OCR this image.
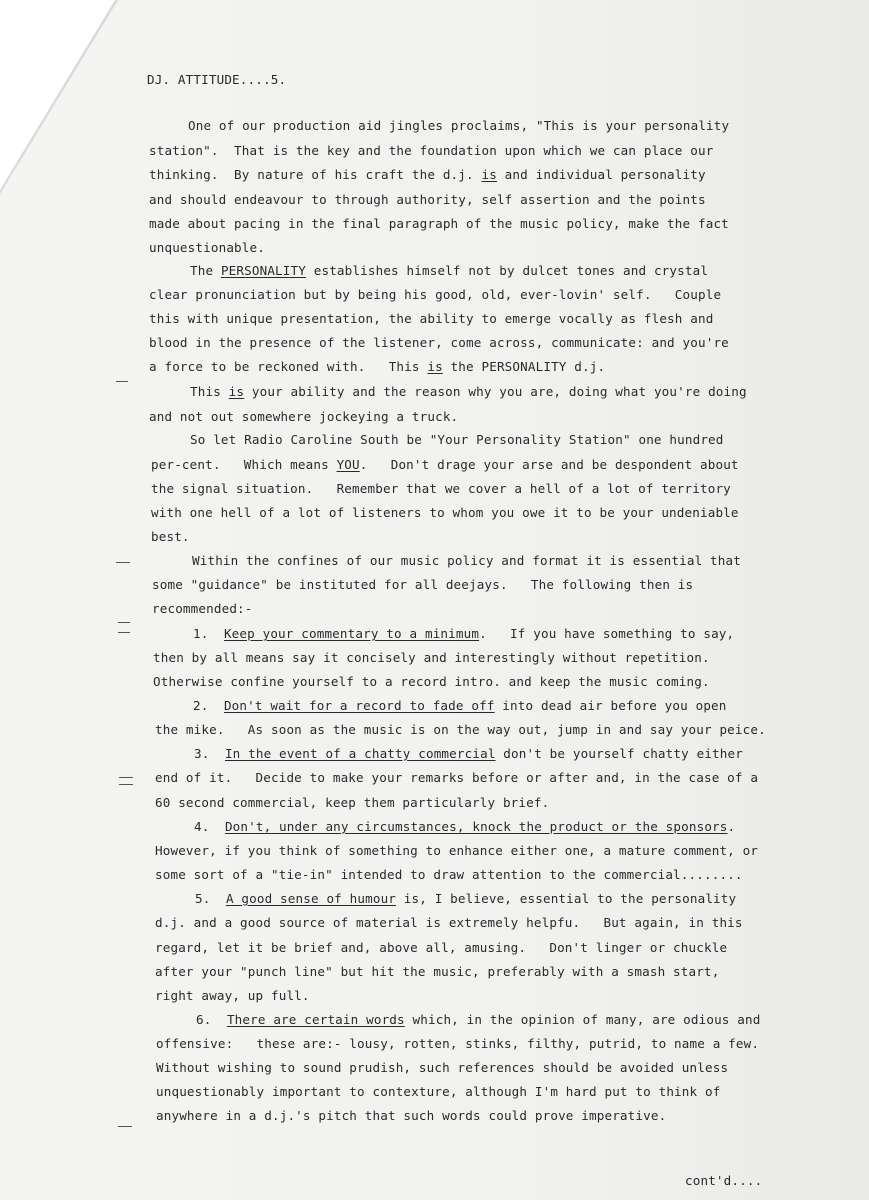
DJ. ATTITUDE....5.
One of our production aid jingles proclaims, "This is your personality
station".  That is the key and the foundation upon which we can place our
thinking.  By nature of his craft the d.j. is and individual personality
and should endeavour to through authority, self assertion and the points
made about pacing in the final paragraph of the music policy, make the fact
unquestionable.
The PERSONALITY establishes himself not by dulcet tones and crystal
clear pronunciation but by being his good, old, ever-lovin' self.   Couple
this with unique presentation, the ability to emerge vocally as flesh and
blood in the presence of the listener, come across, communicate: and you're
a force to be reckoned with.   This is the PERSONALITY d.j.
This is your ability and the reason why you are, doing what you're doing
and not out somewhere jockeying a truck.
So let Radio Caroline South be "Your Personality Station" one hundred
per-cent.   Which means YOU.   Don't drage your arse and be despondent about
the signal situation.   Remember that we cover a hell of a lot of territory
with one hell of a lot of listeners to whom you owe it to be your undeniable
best.
Within the confines of our music policy and format it is essential that
some "guidance" be instituted for all deejays.   The following then is
recommended:-
1. Keep your commentary to a minimum.   If you have something to say,
then by all means say it concisely and interestingly without repetition.
Otherwise confine yourself to a record intro. and keep the music coming.
2. Don't wait for a record to fade off into dead air before you open
the mike.   As soon as the music is on the way out, jump in and say your peice.
3. In the event of a chatty commercial don't be yourself chatty either
end of it.   Decide to make your remarks before or after and, in the case of a
60 second commercial, keep them particularly brief.
4. Don't, under any circumstances, knock the product or the sponsors.
However, if you think of something to enhance either one, a mature comment, or
some sort of a "tie-in" intended to draw attention to the commercial........
5. A good sense of humour is, I believe, essential to the personality
d.j. and a good source of material is extremely helpfu.   But again, in this
regard, let it be brief and, above all, amusing.   Don't linger or chuckle
after your "punch line" but hit the music, preferably with a smash start,
right away, up full.
6. There are certain words which, in the opinion of many, are odious and
offensive:   these are:- lousy, rotten, stinks, filthy, putrid, to name a few.
Without wishing to sound prudish, such references should be avoided unless
unquestionably important to contexture, although I'm hard put to think of
anywhere in a d.j.'s pitch that such words could prove imperative.
cont'd....
